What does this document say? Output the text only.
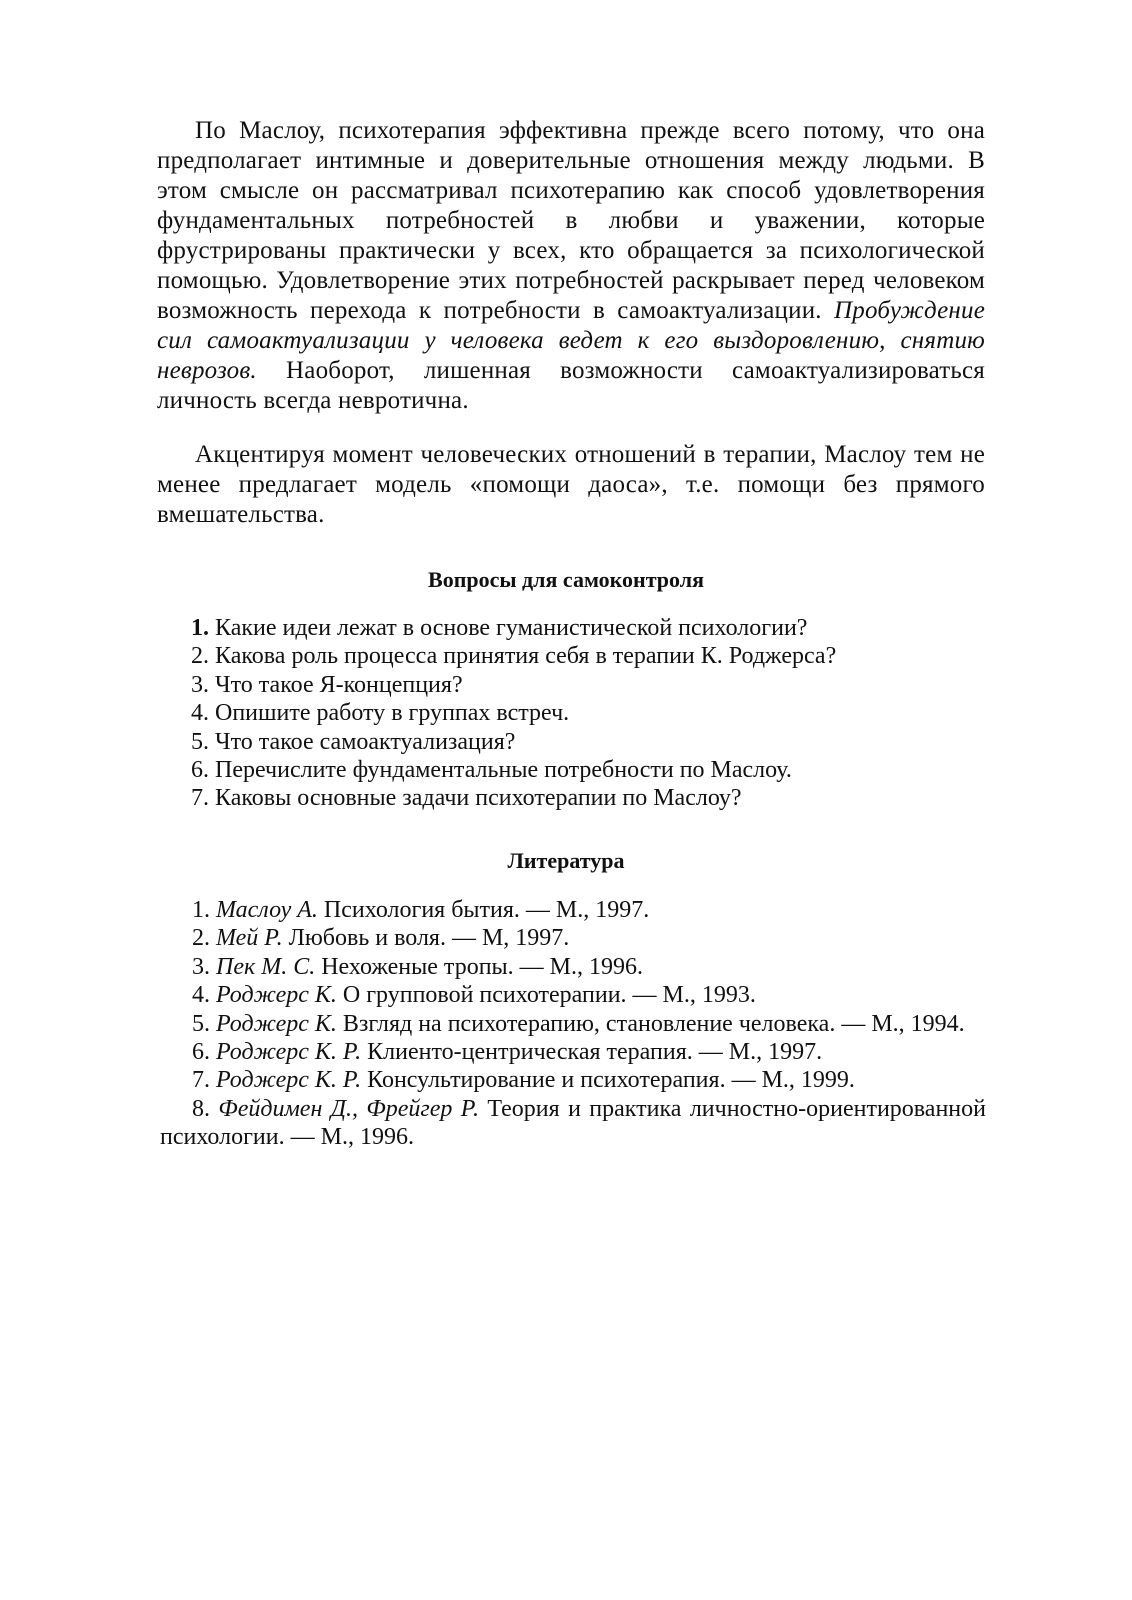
По Маслоу, психотерапия эффективна прежде всего потому, что она предполагает интимные и доверительные отношения между людьми. В этом смысле он рассматривал психотерапию как способ удовлетворения фундаментальных потребностей в любви и уважении, которые фрустрированы практически у всех, кто обращается за психологической помощью. Удовлетворение этих потребностей раскрывает перед человеком возможность перехода к потребности в самоактуализации. Пробуждение сил самоактуализации у человека ведет к его выздоровлению, снятию неврозов. Наоборот, лишенная возможности самоактуализироваться личность всегда невротична.

Акцентируя момент человеческих отношений в терапии, Маслоу тем не менее предлагает модель «помощи даоса», т.е. помощи без прямого вмешательства.

Вопросы для самоконтроля
1. Какие идеи лежат в основе гуманистической психологии?
2. Какова роль процесса принятия себя в терапии К. Роджерса?
3. Что такое Я-концепция?
4. Опишите работу в группах встреч.
5. Что такое самоактуализация?
6. Перечислите фундаментальные потребности по Маслоу.
7. Каковы основные задачи психотерапии по Маслоу?
Литература
1. Маслоу А. Психология бытия. — М., 1997.
2. Мей Р. Любовь и воля. — М, 1997.
3. Пек М. С. Нехоженые тропы. — М., 1996.
4. Роджерс К. О групповой психотерапии. — М., 1993.
5. Роджерс К. Взгляд на психотерапию, становление человека. — М., 1994.
6. Роджерс К. Р. Клиенто-центрическая терапия. — М., 1997.
7. Роджерс К. Р. Консультирование и психотерапия. — М., 1999.
8. Фейдимен Д., Фрейгер Р. Теория и практика личностно-ориентированной психологии. — М., 1996.
